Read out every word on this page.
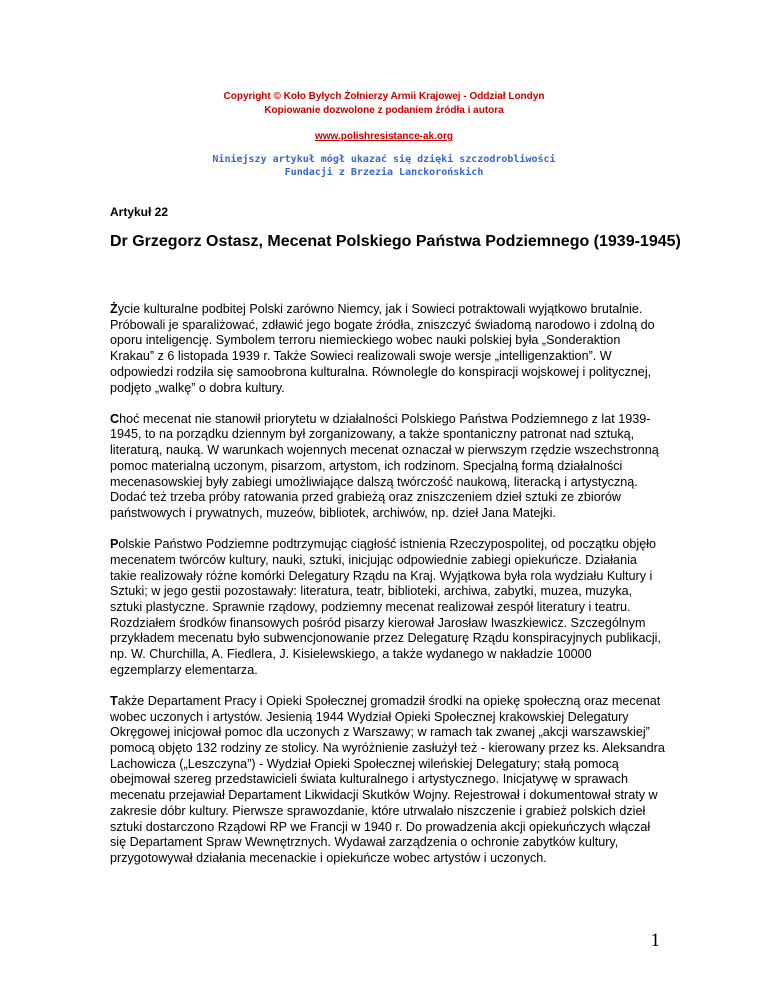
Copyright © Koło Byłych Żołnierzy Armii Krajowej - Oddział Londyn
Kopiowanie dozwolone z podaniem źródła i autora
www.polishresistance-ak.org
Niniejszy artykuł mógł ukazać się dzięki szczodrobliwości
Fundacji z Brzezia Lanckorońskich
Artykuł 22
Dr Grzegorz Ostasz, Mecenat Polskiego Państwa Podziemnego (1939-1945)

Życie kulturalne podbitej Polski zarówno Niemcy, jak i Sowieci potraktowali wyjątkowo brutalnie. Próbowali je sparaliżować, zdławić jego bogate źródła, zniszczyć świadomą narodowo i zdolną do oporu inteligencję. Symbolem terroru niemieckiego wobec nauki polskiej była „Sonderaktion Krakau” z 6 listopada 1939 r. Także Sowieci realizowali swoje wersje „intelligenzaktion”. W odpowiedzi rodziła się samoobrona kulturalna. Równolegle do konspiracji wojskowej i politycznej, podjęto „walkę” o dobra kultury.

Choć mecenat nie stanowił priorytetu w działalności Polskiego Państwa Podziemnego z lat 1939-1945, to na porządku dziennym był zorganizowany, a także spontaniczny patronat nad sztuką, literaturą, nauką. W warunkach wojennych mecenat oznaczał w pierwszym rzędzie wszechstronną pomoc materialną uczonym, pisarzom, artystom, ich rodzinom. Specjalną formą działalności mecenasowskiej były zabiegi umożliwiające dalszą twórczość naukową, literacką i artystyczną. Dodać też trzeba próby ratowania przed grabieżą oraz zniszczeniem dzieł sztuki ze zbiorów państwowych i prywatnych, muzeów, bibliotek, archiwów, np. dzieł Jana Matejki.

Polskie Państwo Podziemne podtrzymując ciągłość istnienia Rzeczypospolitej, od początku objęło mecenatem twórców kultury, nauki, sztuki, inicjując odpowiednie zabiegi opiekuńcze. Działania takie realizowały różne komórki Delegatury Rządu na Kraj. Wyjątkowa była rola wydziału Kultury i Sztuki; w jego gestii pozostawały: literatura, teatr, biblioteki, archiwa, zabytki, muzea, muzyka, sztuki plastyczne. Sprawnie rządowy, podziemny mecenat realizował zespół literatury i teatru. Rozdziałem środków finansowych pośród pisarzy kierował Jarosław Iwaszkiewicz. Szczególnym przykładem mecenatu było subwencjonowanie przez Delegaturę Rządu konspiracyjnych publikacji, np. W. Churchilla, A. Fiedlera, J. Kisielewskiego, a także wydanego w nakładzie 10000 egzemplarzy elementarza.

Także Departament Pracy i Opieki Społecznej gromadził środki na opiekę społeczną oraz mecenat wobec uczonych i artystów. Jesienią 1944 Wydział Opieki Społecznej krakowskiej Delegatury Okręgowej inicjował pomoc dla uczonych z Warszawy; w ramach tak zwanej „akcji warszawskiej” pomocą objęto 132 rodziny ze stolicy. Na wyróżnienie zasłużył też - kierowany przez ks. Aleksandra Lachowicza („Leszczyna”) - Wydział Opieki Społecznej wileńskiej Delegatury; stałą pomocą obejmował szereg przedstawicieli świata kulturalnego i artystycznego. Inicjatywę w sprawach mecenatu przejawiał Departament Likwidacji Skutków Wojny. Rejestrował i dokumentował straty w zakresie dóbr kultury. Pierwsze sprawozdanie, które utrwalało niszczenie i grabież polskich dzieł sztuki dostarczono Rządowi RP we Francji w 1940 r. Do prowadzenia akcji opiekuńczych włączał się Departament Spraw Wewnętrznych. Wydawał zarządzenia o ochronie zabytków kultury, przygotowywał działania mecenackie i opiekuńcze wobec artystów i uczonych.

1
